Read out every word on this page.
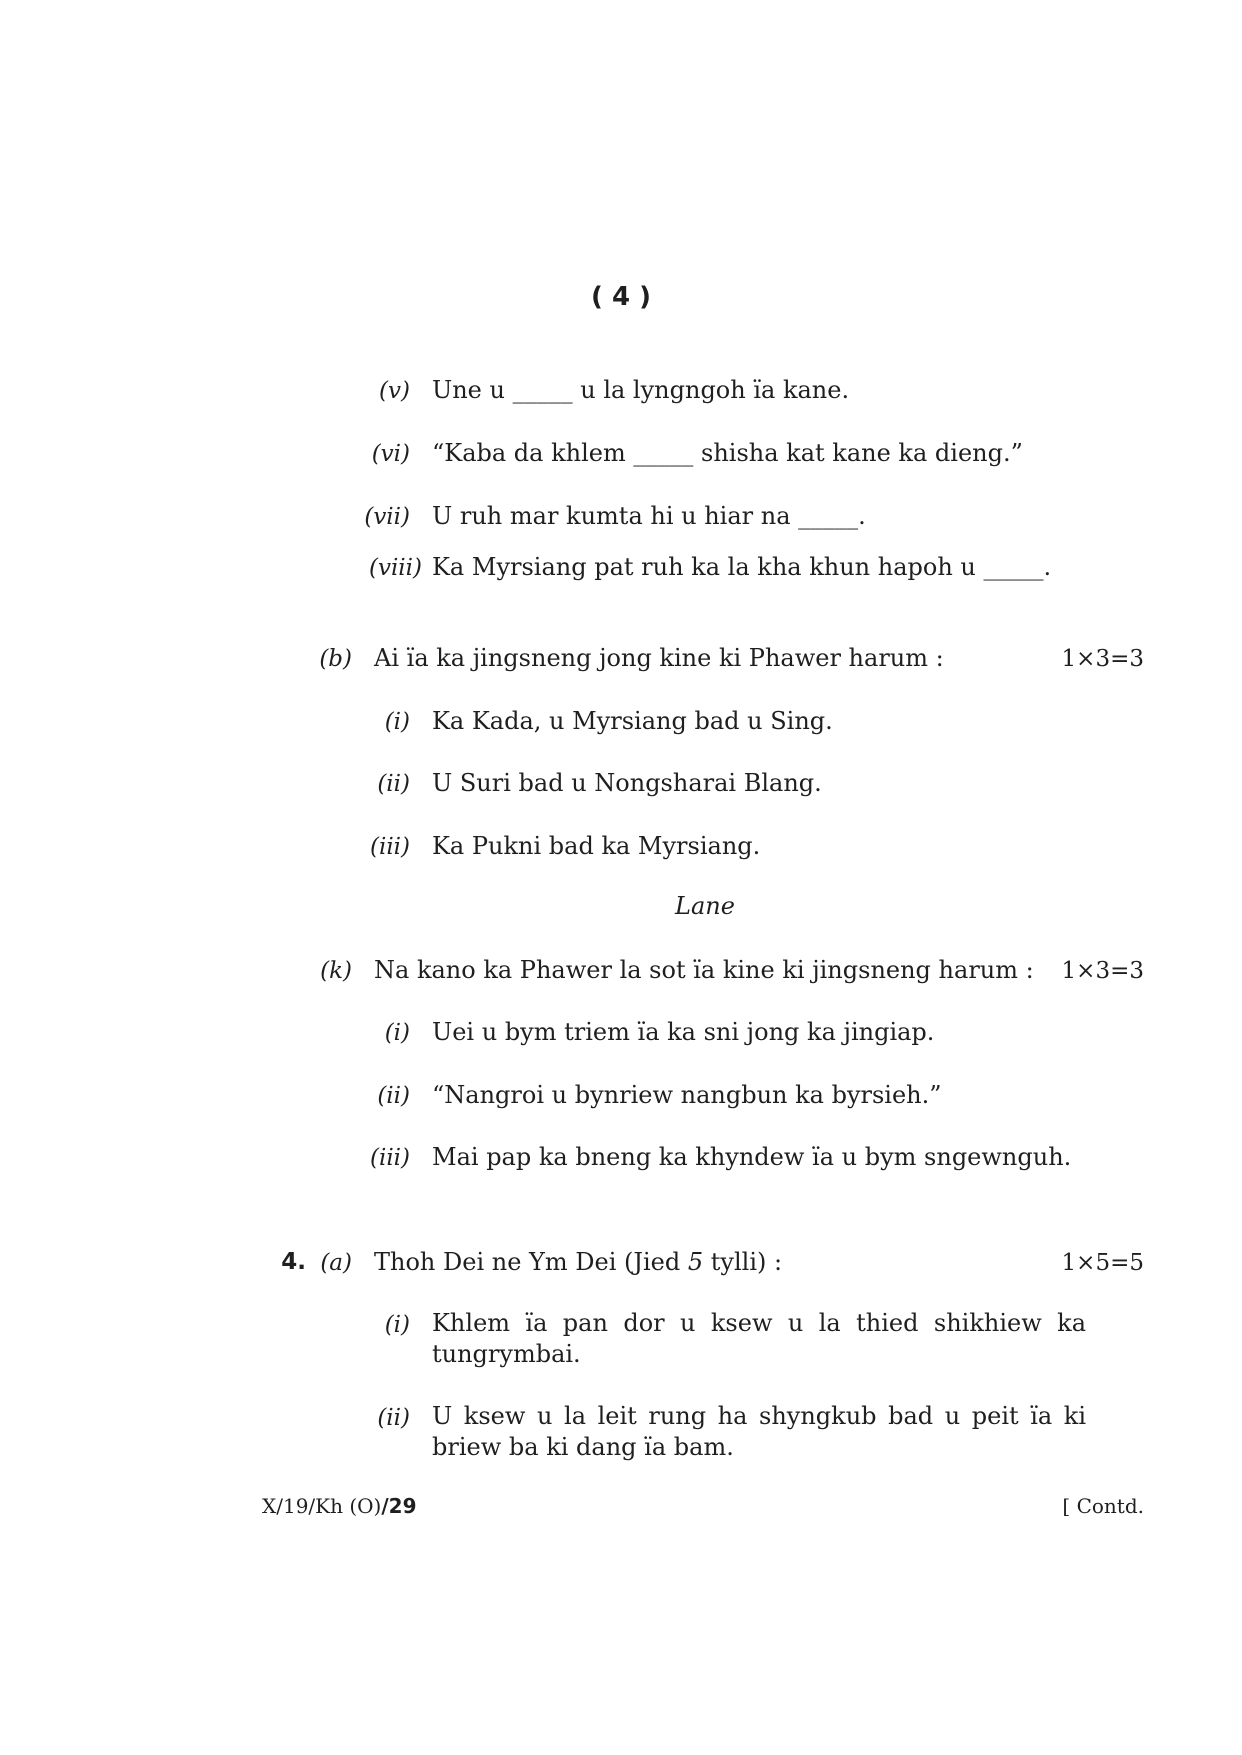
( 4 )
(v) Une u _____ u la lyngngoh ïa kane.
(vi) “Kaba da khlem _____ shisha kat kane ka dieng.”
(vii) U ruh mar kumta hi u hiar na _____.
(viii) Ka Myrsiang pat ruh ka la kha khun hapoh u _____.
(b) Ai ïa ka jingsneng jong kine ki Phawer harum :	1×3=3
(i) Ka Kada, u Myrsiang bad u Sing.
(ii) U Suri bad u Nongsharai Blang.
(iii) Ka Pukni bad ka Myrsiang.
Lane
(k) Na kano ka Phawer la sot ïa kine ki jingsneng harum :	1×3=3
(i) Uei u bym triem ïa ka sni jong ka jingiap.
(ii) “Nangroi u bynriew nangbun ka byrsieh.”
(iii) Mai pap ka bneng ka khyndew ïa u bym sngewnguh.
4. (a) Thoh Dei ne Ym Dei (Jied 5 tylli) :	1×5=5
(i) Khlem ïa pan dor u ksew u la thied shikhiew ka tungrymbai.
(ii) U ksew u la leit rung ha shyngkub bad u peit ïa ki briew ba ki dang ïa bam.
X/19/Kh (O)/29	[ Contd.
